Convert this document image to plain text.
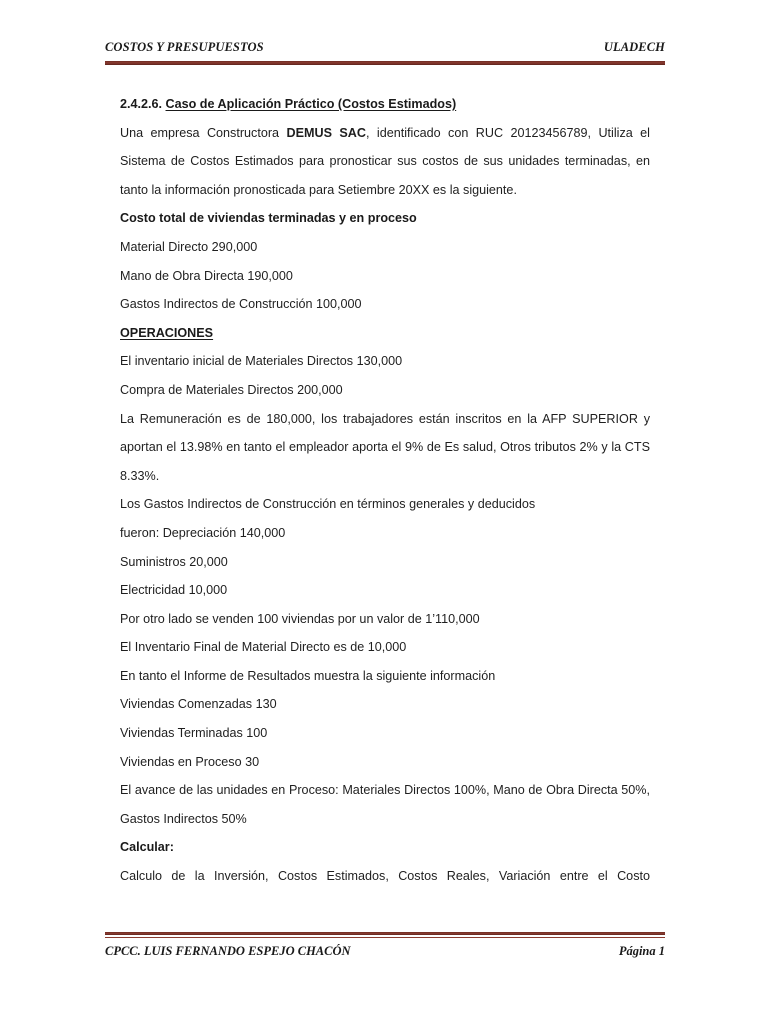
COSTOS Y PRESUPUESTOS	ULADECH
2.4.2.6. Caso de Aplicación Práctico (Costos Estimados)

Una empresa Constructora DEMUS SAC, identificado con RUC 20123456789, Utiliza el Sistema de Costos Estimados para pronosticar sus costos de sus unidades terminadas, en tanto la información pronosticada para Setiembre 20XX es la siguiente.

Costo total de viviendas terminadas y en proceso
Material Directo 290,000
Mano de Obra Directa 190,000
Gastos Indirectos de Construcción 100,000
OPERACIONES
El inventario inicial de Materiales Directos 130,000
Compra de Materiales Directos 200,000

La Remuneración es de 180,000, los trabajadores están inscritos en la AFP SUPERIOR y aportan el 13.98% en tanto el empleador aporta el 9% de Es salud, Otros tributos 2% y la CTS 8.33%.

Los Gastos Indirectos de Construcción en términos generales y deducidos
fueron: Depreciación 140,000
Suministros 20,000
Electricidad 10,000
Por otro lado se venden 100 viviendas por un valor de 1’110,000
El Inventario Final de Material Directo es de 10,000
En tanto el Informe de Resultados muestra la siguiente información
Viviendas Comenzadas 130
Viviendas Terminadas 100
Viviendas en Proceso 30

El avance de las unidades en Proceso: Materiales Directos 100%, Mano de Obra Directa 50%, Gastos Indirectos 50%

Calcular:

Calculo de la Inversión, Costos Estimados, Costos Reales, Variación entre el Costo

CPCC. LUIS FERNANDO ESPEJO CHACÓN	Página 1
